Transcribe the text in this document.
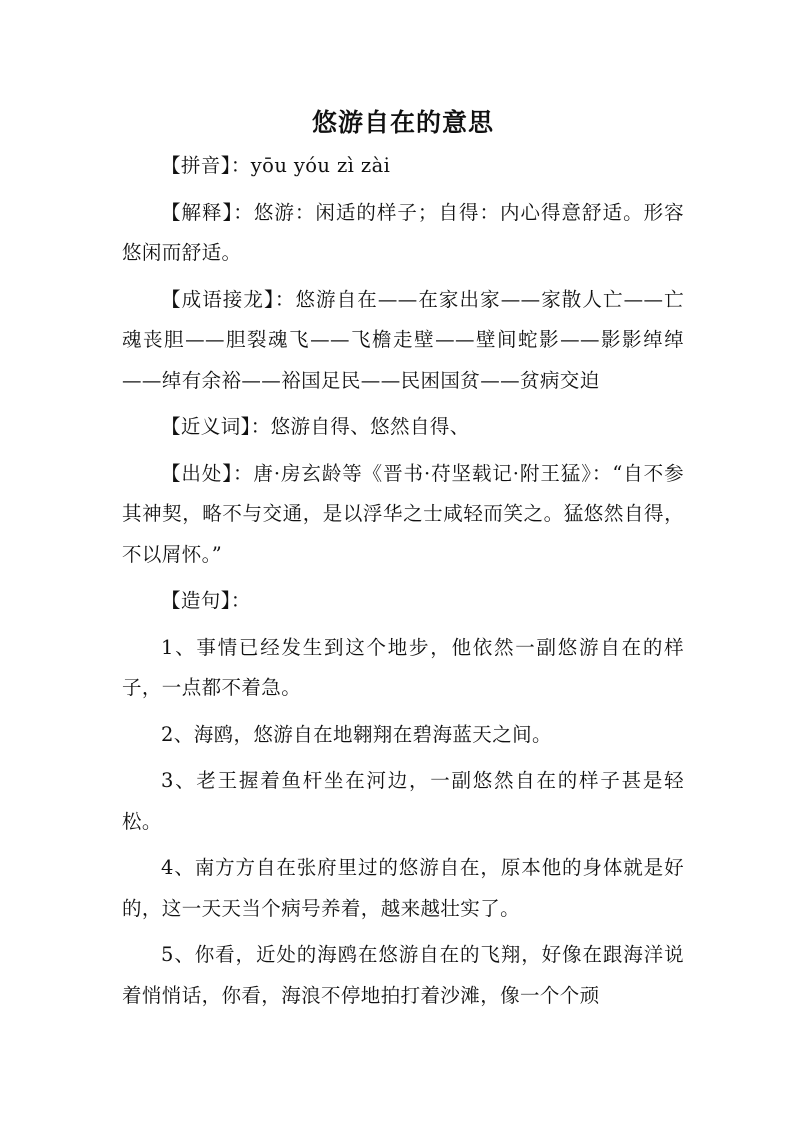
悠游自在的意思

【拼音】：yōu yóu zì zài

【解释】：悠游：闲适的样子；自得：内心得意舒适。形容悠闲而舒适。

【成语接龙】：悠游自在——在家出家——家散人亡——亡魂丧胆——胆裂魂飞——飞檐走壁——壁间蛇影——影影绰绰——绰有余裕——裕国足民——民困国贫——贫病交迫

【近义词】：悠游自得、悠然自得、

【出处】：唐·房玄龄等《晋书·苻坚载记·附王猛》：“自不参其神契，略不与交通，是以浮华之士咸轻而笑之。猛悠然自得，不以屑怀。”

【造句】：

1、事情已经发生到这个地步，他依然一副悠游自在的样子，一点都不着急。

2、海鸥，悠游自在地翱翔在碧海蓝天之间。

3、老王握着鱼杆坐在河边，一副悠然自在的样子甚是轻松。

4、南方方自在张府里过的悠游自在，原本他的身体就是好的，这一天天当个病号养着，越来越壮实了。

5、你看，近处的海鸥在悠游自在的飞翔，好像在跟海洋说着悄悄话，你看，海浪不停地拍打着沙滩，像一个个顽
